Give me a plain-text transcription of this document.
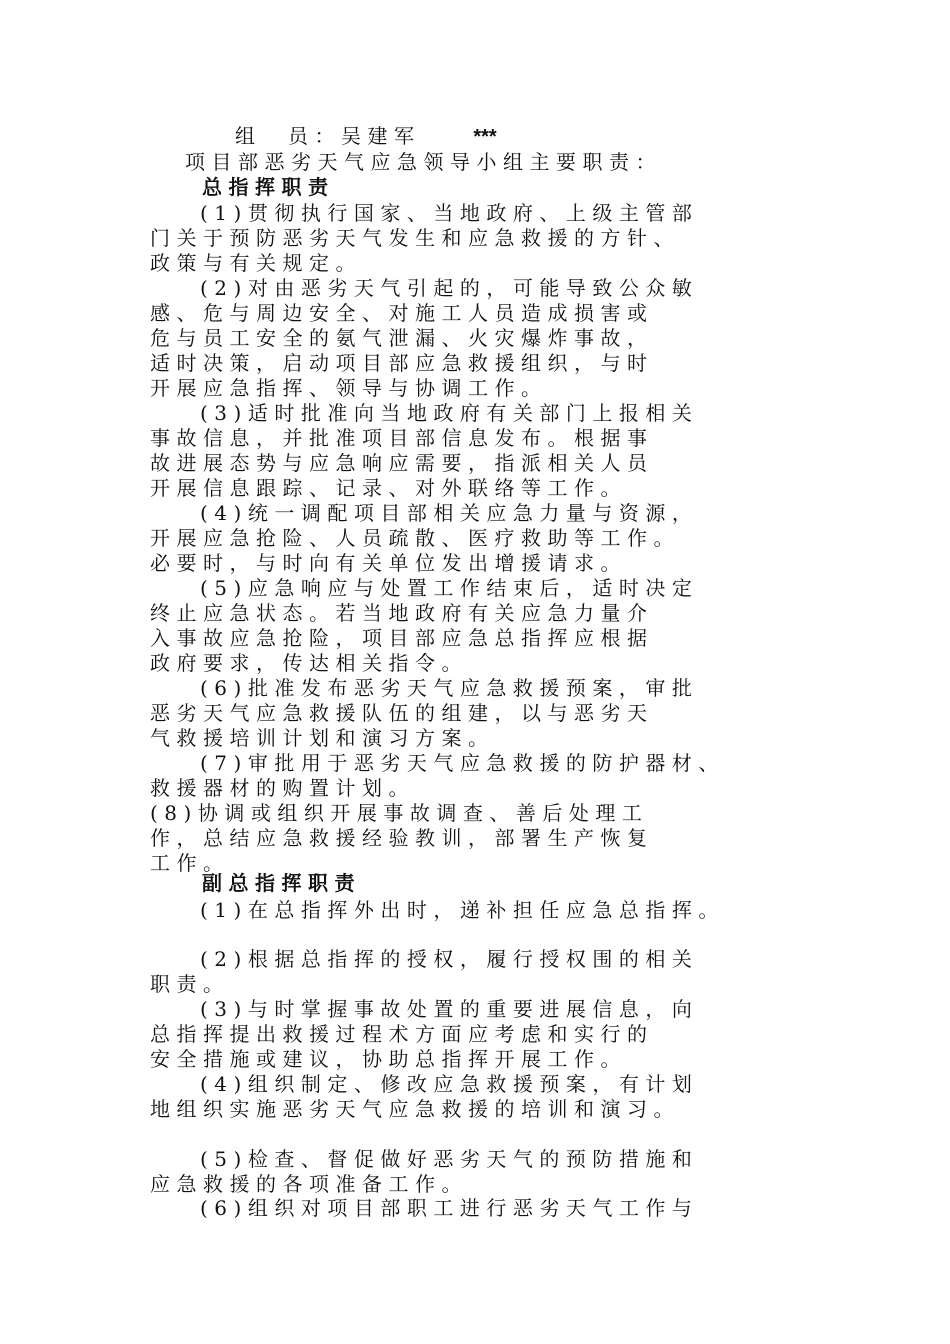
组　员：吴建军	***
项目部恶劣天气应急领导小组主要职责：
总指挥职责
(1)贯彻执行国家、当地政府、上级主管部
门关于预防恶劣天气发生和应急救援的方针、
政策与有关规定。
(2)对由恶劣天气引起的，可能导致公众敏
感、危与周边安全、对施工人员造成损害或
危与员工安全的氨气泄漏、火灾爆炸事故，
适时决策，启动项目部应急救援组织，与时
开展应急指挥、领导与协调工作。
(3)适时批准向当地政府有关部门上报相关
事故信息，并批准项目部信息发布。根据事
故进展态势与应急响应需要，指派相关人员
开展信息跟踪、记录、对外联络等工作。
(4)统一调配项目部相关应急力量与资源，
开展应急抢险、人员疏散、医疗救助等工作。
必要时，与时向有关单位发出增援请求。
(5)应急响应与处置工作结束后，适时决定
终止应急状态。若当地政府有关应急力量介
入事故应急抢险，项目部应急总指挥应根据
政府要求，传达相关指令。
(6)批准发布恶劣天气应急救援预案，审批
恶劣天气应急救援队伍的组建，以与恶劣天
气救援培训计划和演习方案。
(7)审批用于恶劣天气应急救援的防护器材、
救援器材的购置计划。
(8)协调或组织开展事故调查、善后处理工
作，总结应急救援经验教训，部署生产恢复
工作。
副总指挥职责
(1)在总指挥外出时，递补担任应急总指挥。
(2)根据总指挥的授权，履行授权围的相关
职责。
(3)与时掌握事故处置的重要进展信息，向
总指挥提出救援过程术方面应考虑和实行的
安全措施或建议，协助总指挥开展工作。
(4)组织制定、修改应急救援预案，有计划
地组织实施恶劣天气应急救援的培训和演习。
(5)检查、督促做好恶劣天气的预防措施和
应急救援的各项准备工作。
(6)组织对项目部职工进行恶劣天气工作与
